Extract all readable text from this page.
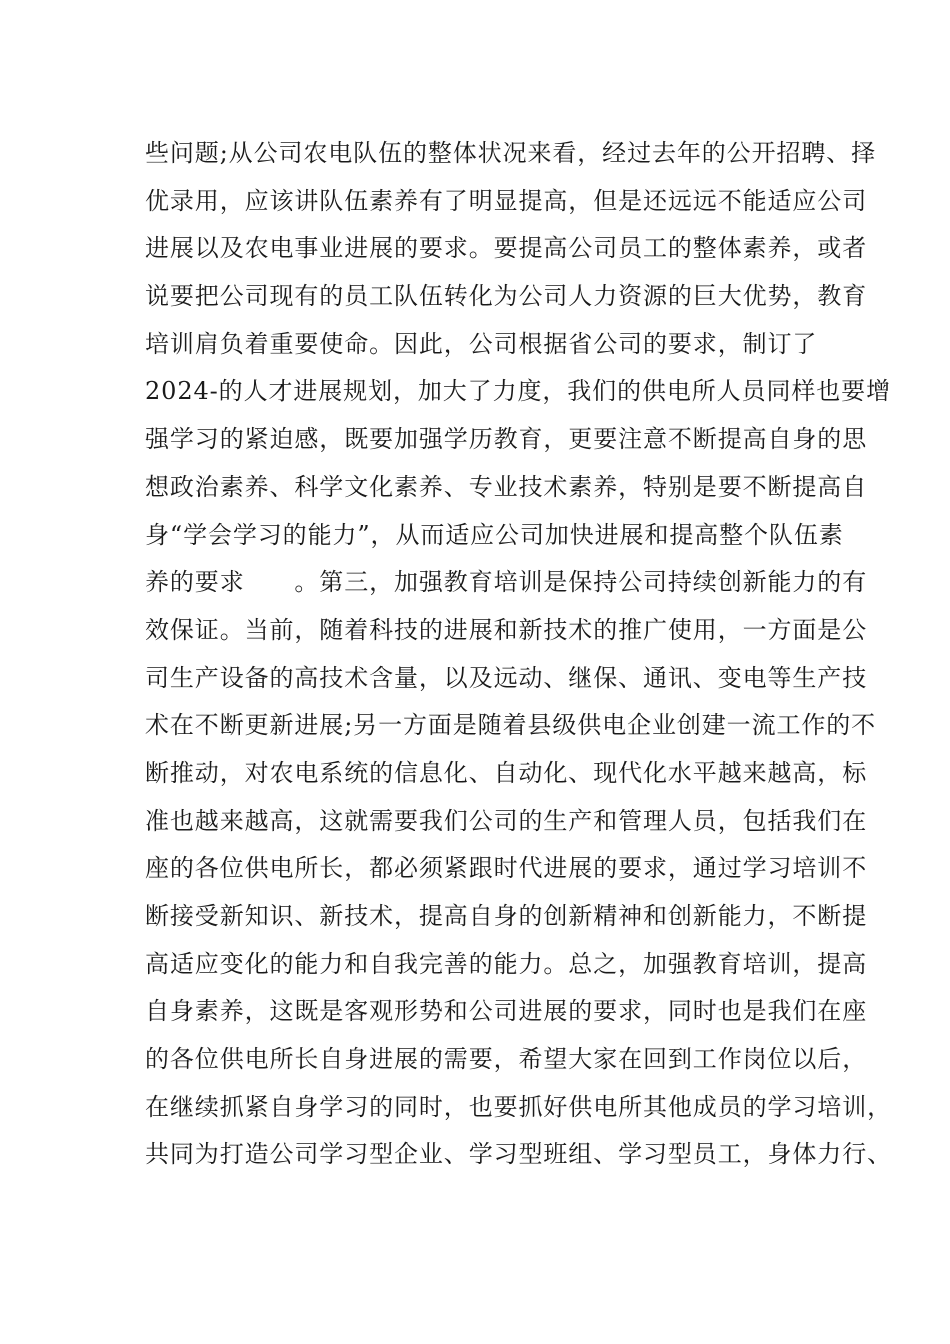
些问题;从公司农电队伍的整体状况来看，经过去年的公开招聘、择
优录用，应该讲队伍素养有了明显提高，但是还远远不能适应公司
进展以及农电事业进展的要求。要提高公司员工的整体素养，或者
说要把公司现有的员工队伍转化为公司人力资源的巨大优势，教育
培训肩负着重要使命。因此，公司根据省公司的要求，制订了
2024-的人才进展规划，加大了力度，我们的供电所人员同样也要增
强学习的紧迫感，既要加强学历教育，更要注意不断提高自身的思
想政治素养、科学文化素养、专业技术素养，特别是要不断提高自
身“学会学习的能力”，从而适应公司加快进展和提高整个队伍素
养的要求　　。第三，加强教育培训是保持公司持续创新能力的有
效保证。当前，随着科技的进展和新技术的推广使用，一方面是公
司生产设备的高技术含量，以及远动、继保、通讯、变电等生产技
术在不断更新进展;另一方面是随着县级供电企业创建一流工作的不
断推动，对农电系统的信息化、自动化、现代化水平越来越高，标
准也越来越高，这就需要我们公司的生产和管理人员，包括我们在
座的各位供电所长，都必须紧跟时代进展的要求，通过学习培训不
断接受新知识、新技术，提高自身的创新精神和创新能力，不断提
高适应变化的能力和自我完善的能力。总之，加强教育培训，提高
自身素养，这既是客观形势和公司进展的要求，同时也是我们在座
的各位供电所长自身进展的需要，希望大家在回到工作岗位以后，
在继续抓紧自身学习的同时，也要抓好供电所其他成员的学习培训，
共同为打造公司学习型企业、学习型班组、学习型员工，身体力行、
